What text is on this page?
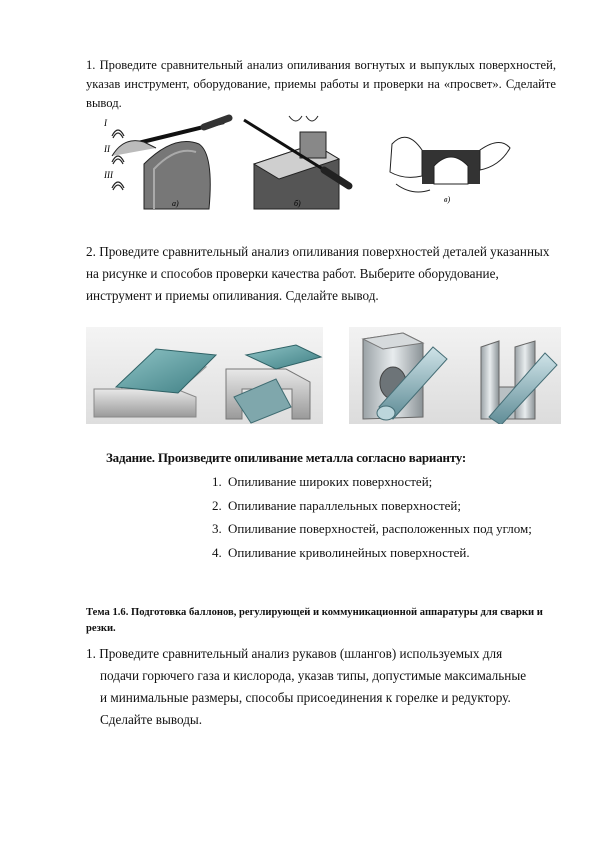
1. Проведите сравнительный анализ опиливания вогнутых и выпуклых поверхностей, указав инструмент, оборудование, приемы работы и проверки на «просвет». Сделайте вывод.
I
II
III
а)	б)	в)
2. Проведите сравнительный анализ опиливания поверхностей деталей указанных на рисунке и способов проверки качества работ. Выберите оборудование, инструмент и приемы опиливания. Сделайте вывод.
Задание. Произведите опиливание металла согласно варианту:
1. Опиливание широких поверхностей;
2. Опиливание параллельных поверхностей;
3. Опиливание поверхностей, расположенных под углом;
4. Опиливание криволинейных поверхностей.
Тема 1.6. Подготовка баллонов, регулирующей и коммуникационной аппаратуры для сварки и резки.
1. Проведите сравнительный анализ рукавов (шлангов) используемых для
подачи горючего газа и кислорода, указав типы, допустимые максимальные
и минимальные размеры, способы присоединения к горелке и редуктору.
Сделайте выводы.
